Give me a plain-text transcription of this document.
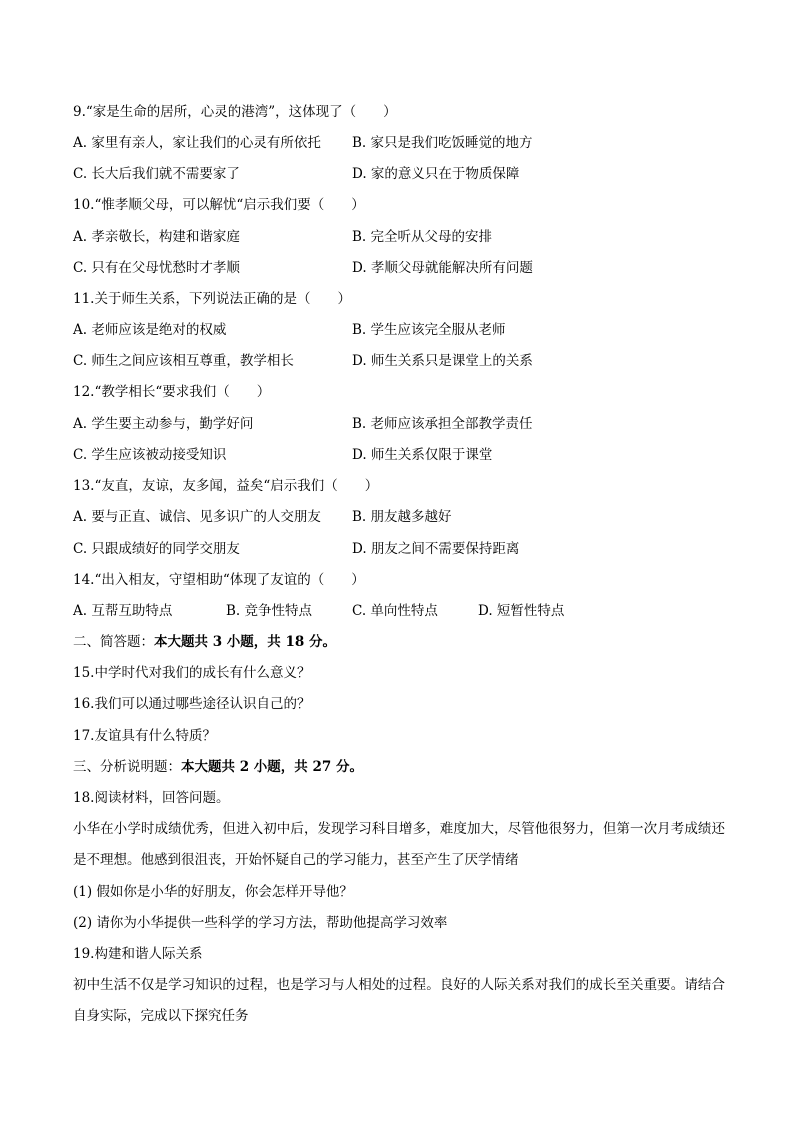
9.“家是生命的居所，心灵的港湾”，这体现了（　　）
A. 家里有亲人，家让我们的心灵有所依托 B. 家只是我们吃饭睡觉的地方
C. 长大后我们就不需要家了	D. 家的意义只在于物质保障
10.“惟孝顺父母，可以解忧“启示我们要（　　）
A. 孝亲敬长，构建和谐家庭	B. 完全听从父母的安排
C. 只有在父母忧愁时才孝顺	D. 孝顺父母就能解决所有问题
11.关于师生关系，下列说法正确的是（　　）
A. 老师应该是绝对的权威	B. 学生应该完全服从老师
C. 师生之间应该相互尊重，教学相长	D. 师生关系只是课堂上的关系
12.“教学相长“要求我们（　　）
A. 学生要主动参与，勤学好问	B. 老师应该承担全部教学责任
C. 学生应该被动接受知识	D. 师生关系仅限于课堂
13.“友直，友谅，友多闻，益矣“启示我们（　　）
A. 要与正直、诚信、见多识广的人交朋友 B. 朋友越多越好
C. 只跟成绩好的同学交朋友	D. 朋友之间不需要保持距离
14.“出入相友，守望相助“体现了友谊的（　　）
A. 互帮互助特点	B. 竞争性特点	C. 单向性特点	D. 短暂性特点
二、简答题：本大题共 3 小题，共 18 分。
15.中学时代对我们的成长有什么意义？
16.我们可以通过哪些途径认识自己的？
17.友谊具有什么特质？
三、分析说明题：本大题共 2 小题，共 27 分。
18.阅读材料，回答问题。
小华在小学时成绩优秀，但进入初中后，发现学习科目增多，难度加大，尽管他很努力，但第一次月考成绩还是不理想。他感到很沮丧，开始怀疑自己的学习能力，甚至产生了厌学情绪
(1) 假如你是小华的好朋友，你会怎样开导他？
(2) 请你为小华提供一些科学的学习方法，帮助他提高学习效率
19.构建和谐人际关系
初中生活不仅是学习知识的过程，也是学习与人相处的过程。良好的人际关系对我们的成长至关重要。请结合自身实际，完成以下探究任务
